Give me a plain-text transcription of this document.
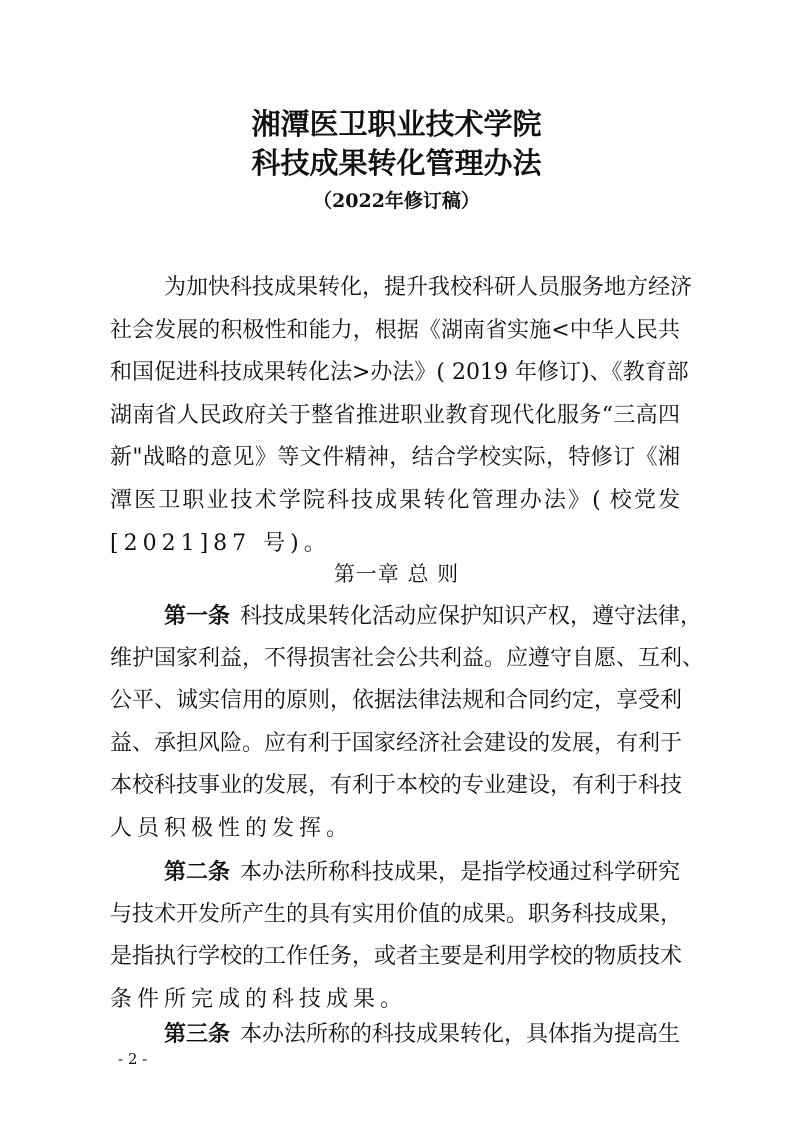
湘潭医卫职业技术学院
科技成果转化管理办法
（2022年修订稿）
为加快科技成果转化，提升我校科研人员服务地方经济
社会发展的积极性和能力，根据《湖南省实施<中华人民共
和国促进科技成果转化法>办法》( 2019 年修订)、《教育部
湖南省人民政府关于整省推进职业教育现代化服务“三高四
新"战略的意见》等文件精神，结合学校实际，特修订《湘
潭医卫职业技术学院科技成果转化管理办法》( 校党发
[2021]87 号)。
第一章 总 则
第一条 科技成果转化活动应保护知识产权，遵守法律，
维护国家利益，不得损害社会公共利益。应遵守自愿、互利、
公平、诚实信用的原则，依据法律法规和合同约定，享受利
益、承担风险。应有利于国家经济社会建设的发展，有利于
本校科技事业的发展，有利于本校的专业建设，有利于科技
人员积极性的发挥。
第二条 本办法所称科技成果，是指学校通过科学研究
与技术开发所产生的具有实用价值的成果。职务科技成果，
是指执行学校的工作任务，或者主要是利用学校的物质技术
条件所完成的科技成果。
第三条 本办法所称的科技成果转化，具体指为提高生
- 2 -
